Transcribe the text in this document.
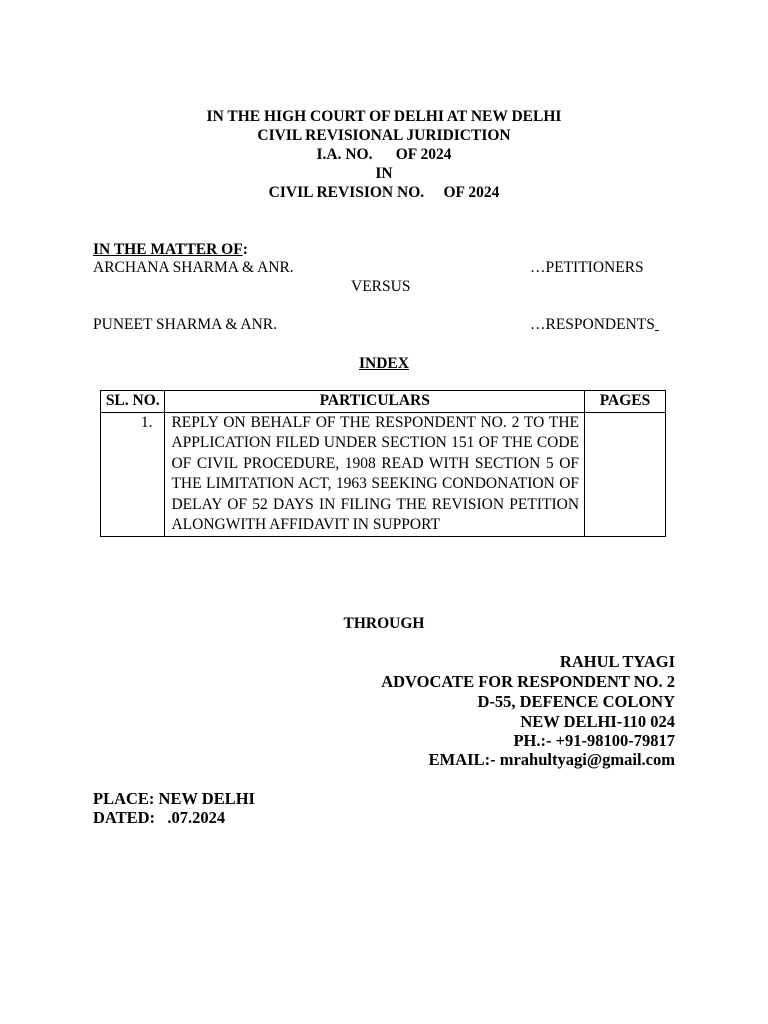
IN THE HIGH COURT OF DELHI AT NEW DELHI
CIVIL REVISIONAL JURIDICTION
I.A. NO.      OF 2024
IN
CIVIL REVISION NO.     OF 2024
IN THE MATTER OF:
ARCHANA SHARMA & ANR.	…PETITIONERS
VERSUS
PUNEET SHARMA & ANR.	…RESPONDENTS
INDEX
SL. NO.	PARTICULARS	PAGES
1.	REPLY ON BEHALF OF THE RESPONDENT NO. 2 TO THE APPLICATION FILED UNDER SECTION 151 OF THE CODE OF CIVIL PROCEDURE, 1908 READ WITH SECTION 5 OF THE LIMITATION ACT, 1963 SEEKING CONDONATION OF DELAY OF 52 DAYS IN FILING THE REVISION PETITION ALONGWITH AFFIDAVIT IN SUPPORT	
THROUGH
RAHUL TYAGI
ADVOCATE FOR RESPONDENT NO. 2
D-55, DEFENCE COLONY
NEW DELHI-110 024
PH.:- +91-98100-79817
EMAIL:- mrahultyagi@gmail.com
PLACE: NEW DELHI
DATED:   .07.2024
